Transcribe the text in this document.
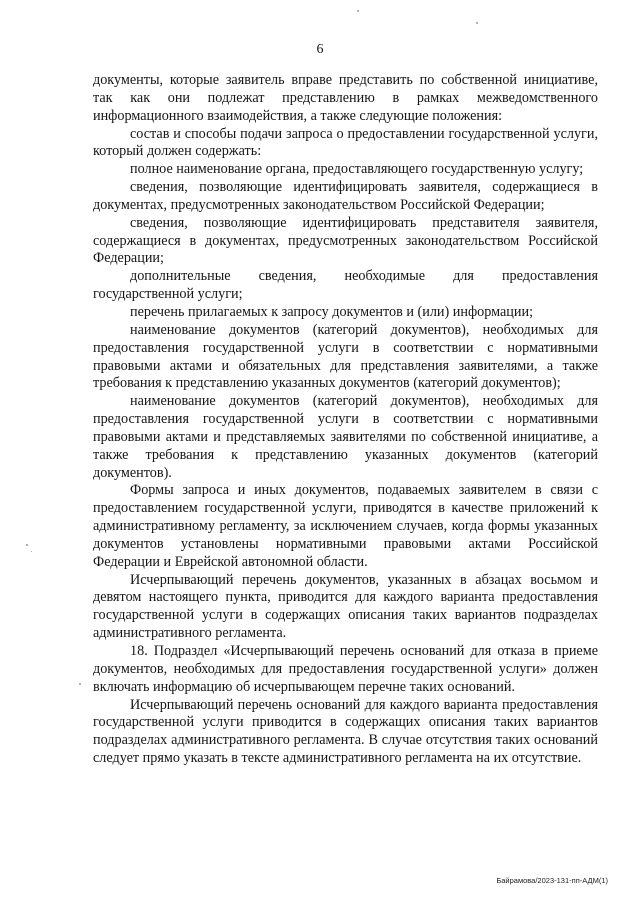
6

документы, которые заявитель вправе представить по собственной инициативе, так как они подлежат представлению в рамках межведомственного информационного взаимодействия, а также следующие положения:

состав и способы подачи запроса о предоставлении государственной услуги, который должен содержать:

полное наименование органа, предоставляющего государственную услугу;

сведения, позволяющие идентифицировать заявителя, содержащиеся в документах, предусмотренных законодательством Российской Федерации;

сведения, позволяющие идентифицировать представителя заявителя, содержащиеся в документах, предусмотренных законодательством Российской Федерации;

дополнительные сведения, необходимые для предоставления государственной услуги;

перечень прилагаемых к запросу документов и (или) информации;

наименование документов (категорий документов), необходимых для предоставления государственной услуги в соответствии с нормативными правовыми актами и обязательных для представления заявителями, а также требования к представлению указанных документов (категорий документов);

наименование документов (категорий документов), необходимых для предоставления государственной услуги в соответствии с нормативными правовыми актами и представляемых заявителями по собственной инициативе, а также требования к представлению указанных документов (категорий документов).

Формы запроса и иных документов, подаваемых заявителем в связи с предоставлением государственной услуги, приводятся в качестве приложений к административному регламенту, за исключением случаев, когда формы указанных документов установлены нормативными правовыми актами Российской Федерации и Еврейской автономной области.

Исчерпывающий перечень документов, указанных в абзацах восьмом и девятом настоящего пункта, приводится для каждого варианта предоставления государственной услуги в содержащих описания таких вариантов подразделах административного регламента.

18. Подраздел «Исчерпывающий перечень оснований для отказа в приеме документов, необходимых для предоставления государственной услуги» должен включать информацию об исчерпывающем перечне таких оснований.

Исчерпывающий перечень оснований для каждого варианта предоставления государственной услуги приводится в содержащих описания таких вариантов подразделах административного регламента. В случае отсутствия таких оснований следует прямо указать в тексте административного регламента на их отсутствие.

Байрамова/2023-131-пп-АДМ(1)
